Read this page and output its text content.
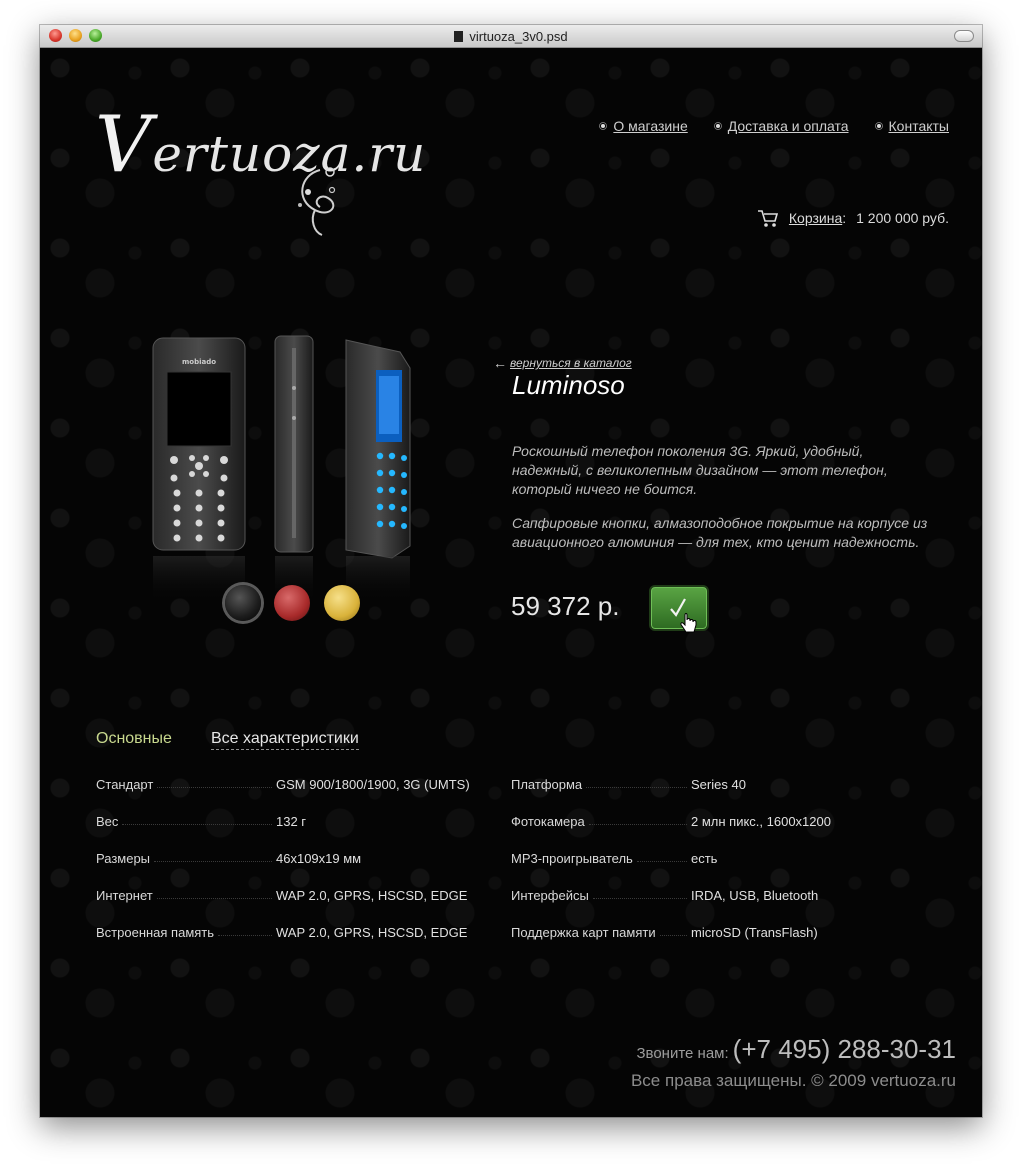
virtuoza_3v0.psd
Vertuoza.ru	О магазине	Доставка и оплата	Контакты
Корзина: 1 200 000 руб.
mobiado	← вернуться в каталог
Luminoso
Роскошный телефон поколения 3G. Яркий, удобный,
надежный, с великолепным дизайном — этот телефон,
который ничего не боится.
Сапфировые кнопки, алмазоподобное покрытие на корпусе из
авиационного алюминия — для тех, кто ценит надежность.
59 372 р.
Основные Все характеристики
Стандарт	GSM 900/1800/1900, 3G (UMTS)
Вес	132 г
Размеры	46x109x19 мм
Интернет	WAP 2.0, GPRS, HSCSD, EDGE
Встроенная память	WAP 2.0, GPRS, HSCSD, EDGE
Платформа	Series 40
Фотокамера	2 млн пикс., 1600x1200
MP3-проигрыватель	есть
Интерфейсы	IRDA, USB, Bluetooth
Поддержка карт памяти	microSD (TransFlash)
Звоните нам: (+7 495) 288-30-31
Все права защищены. © 2009 vertuoza.ru
